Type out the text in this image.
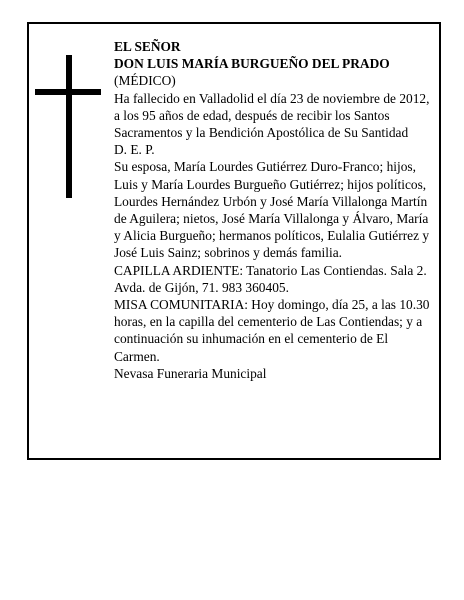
EL SEÑOR

DON LUIS MARÍA BURGUEÑO DEL PRADO

(MÉDICO)

Ha fallecido en Valladolid el día 23 de noviembre de 2012, a los 95 años de edad, después de recibir los Santos Sacramentos y la Bendición Apostólica de Su Santidad

D. E. P.

Su esposa, María Lourdes Gutiérrez Duro-Franco; hijos, Luis y María Lourdes Burgueño Gutiérrez; hijos políticos, Lourdes Hernández Urbón y José María Villalonga Martín de Aguilera; nietos, José María Villalonga y Álvaro, María y Alicia Burgueño; hermanos políticos, Eulalia Gutiérrez y José Luis Sainz; sobrinos y demás familia.

CAPILLA ARDIENTE: Tanatorio Las Contiendas. Sala 2. Avda. de Gijón, 71. 983 360405.

MISA COMUNITARIA: Hoy domingo, día 25, a las 10.30 horas, en la capilla del cementerio de Las Contiendas; y a continuación su inhumación en el cementerio de El Carmen.

Nevasa Funeraria Municipal
